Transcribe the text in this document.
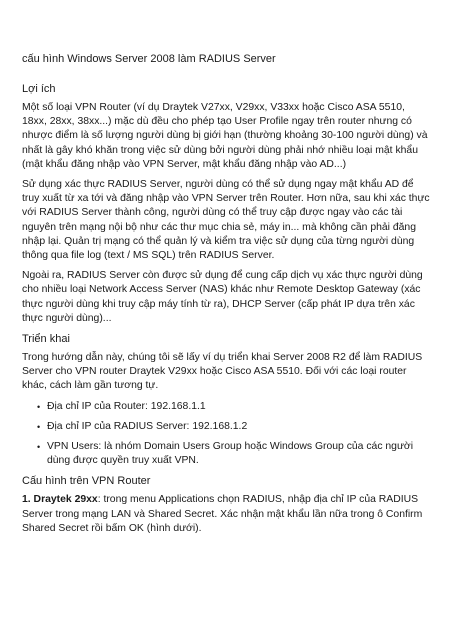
cấu hình Windows Server 2008 làm RADIUS Server

Lợi ích

Một số loại VPN Router (ví dụ Draytek V27xx, V29xx, V33xx hoặc Cisco ASA 5510, 18xx, 28xx, 38xx...) mặc dù đều cho phép tạo User Profile ngay trên router nhưng có nhược điểm là số lượng người dùng bị giới hạn (thường khoảng 30-100 người dùng) và nhất là gây khó khăn trong việc sử dùng bởi người dùng phải nhớ nhiều loại mật khẩu (mật khẩu đăng nhập vào VPN Server, mật khẩu đăng nhập vào AD...)

Sử dụng xác thực RADIUS Server, người dùng có thể sử dụng ngay mật khẩu AD để truy xuất từ xa tới và đăng nhập vào VPN Server trên Router. Hơn nữa, sau khi xác thực với RADIUS Server thành công, người dùng có thể truy cập được ngay vào các tài nguyên trên mạng nội bộ như các thư mục chia sẻ, máy in... mà không cần phải đăng nhập lại. Quản trị mạng có thể quản lý và kiểm tra việc sử dụng của từng người dùng thông qua file log (text / MS SQL) trên RADIUS Server.

Ngoài ra, RADIUS Server còn được sử dụng để cung cấp dịch vụ xác thực người dùng cho nhiều loại Network Access Server (NAS) khác như Remote Desktop Gateway (xác thực người dùng khi truy cập máy tính từ ra), DHCP Server (cấp phát IP dựa trên xác thực người dùng)...

Triển khai

Trong hướng dẫn này, chúng tôi sẽ lấy ví dụ triển khai Server 2008 R2 để làm RADIUS Server cho VPN router Draytek V29xx hoặc Cisco ASA 5510. Đối với các loại router khác, cách làm gần tương tự.

• Địa chỉ IP của Router: 192.168.1.1
• Địa chỉ IP của RADIUS Server: 192.168.1.2
• VPN Users: là nhóm Domain Users Group hoặc Windows Group của các người dùng được quyền truy xuất VPN.

Cấu hình trên VPN Router

1. Draytek 29xx: trong menu Applications chọn RADIUS, nhập địa chỉ IP của RADIUS Server trong mạng LAN và Shared Secret. Xác nhận mật khẩu lần nữa trong ô Confirm Shared Secret rồi bấm OK (hình dưới).
